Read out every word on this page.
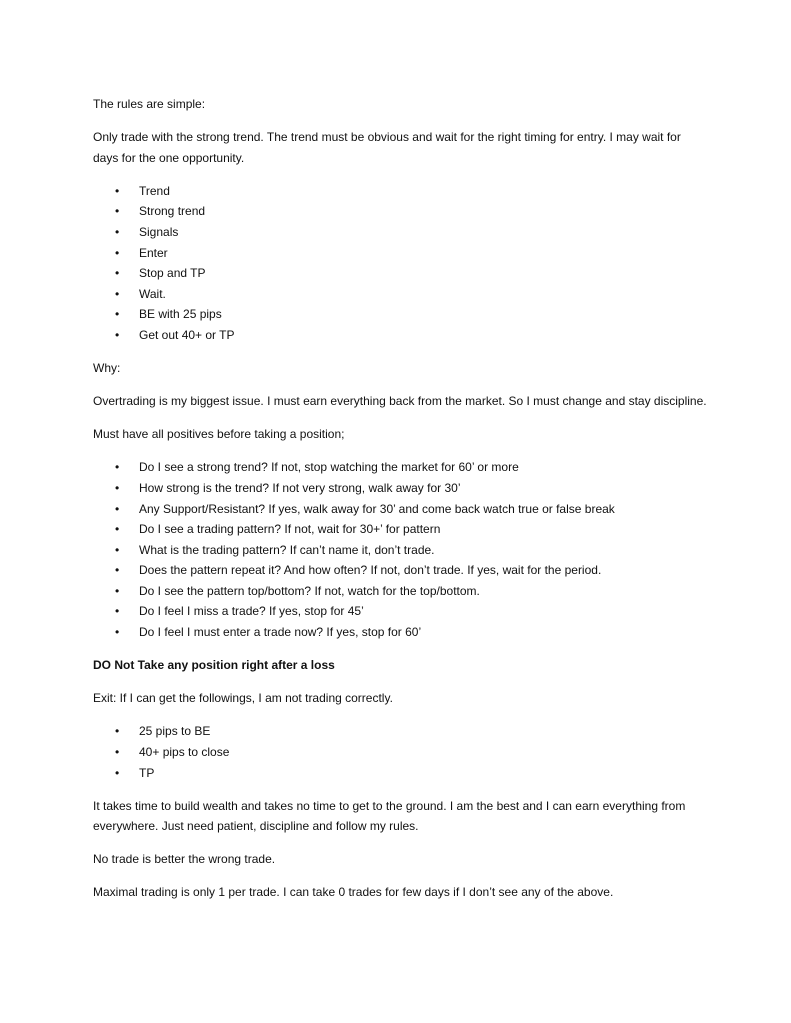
The rules are simple:

Only trade with the strong trend. The trend must be obvious and wait for the right timing for entry. I may wait for days for the one opportunity.

• Trend
• Strong trend
• Signals
• Enter
• Stop and TP
• Wait.
• BE with 25 pips
• Get out 40+ or TP

Why:

Overtrading is my biggest issue. I must earn everything back from the market. So I must change and stay discipline.

Must have all positives before taking a position;

• Do I see a strong trend? If not, stop watching the market for 60’ or more
• How strong is the trend? If not very strong, walk away for 30’
• Any Support/Resistant? If yes, walk away for 30’ and come back watch true or false break
• Do I see a trading pattern? If not, wait for 30+’ for pattern
• What is the trading pattern? If can’t name it, don’t trade.
• Does the pattern repeat it? And how often? If not, don’t trade. If yes, wait for the period.
• Do I see the pattern top/bottom? If not, watch for the top/bottom.
• Do I feel I miss a trade? If yes, stop for 45’
• Do I feel I must enter a trade now? If yes, stop for 60’

DO Not Take any position right after a loss

Exit: If I can get the followings, I am not trading correctly.

• 25 pips to BE
• 40+ pips to close
• TP

It takes time to build wealth and takes no time to get to the ground. I am the best and I can earn everything from everywhere. Just need patient, discipline and follow my rules.

No trade is better the wrong trade.

Maximal trading is only 1 per trade. I can take 0 trades for few days if I don’t see any of the above.
